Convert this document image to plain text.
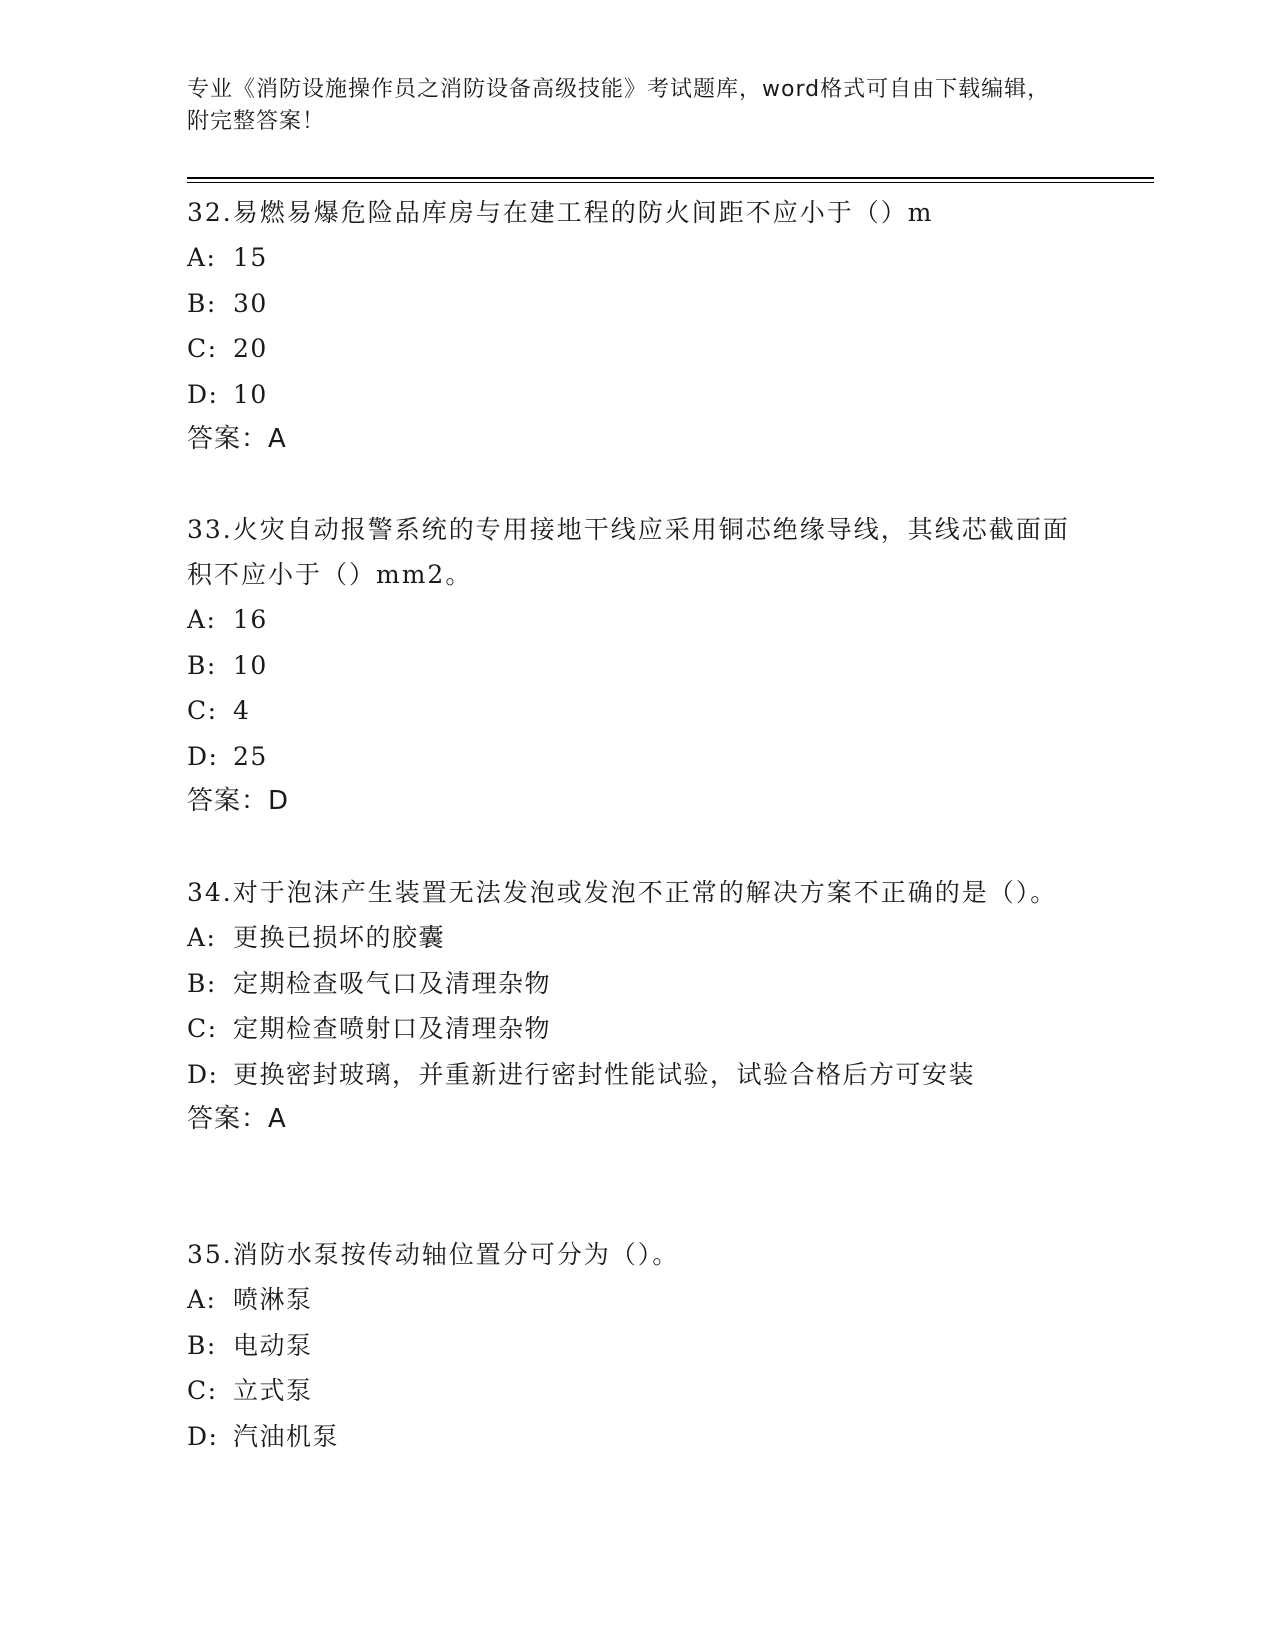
专业《消防设施操作员之消防设备高级技能》考试题库，word格式可自由下载编辑，附完整答案！
32.易燃易爆危险品库房与在建工程的防火间距不应小于（）m
A: 15
B: 30
C: 20
D: 10
答案：A
33.火灾自动报警系统的专用接地干线应采用铜芯绝缘导线，其线芯截面面积不应小于（）mm2。
A: 16
B: 10
C: 4
D: 25
答案：D
34.对于泡沫产生装置无法发泡或发泡不正常的解决方案不正确的是（）。
A: 更换已损坏的胶囊
B: 定期检查吸气口及清理杂物
C: 定期检查喷射口及清理杂物
D: 更换密封玻璃，并重新进行密封性能试验，试验合格后方可安装
答案：A
35.消防水泵按传动轴位置分可分为（）。
A: 喷淋泵
B: 电动泵
C: 立式泵
D: 汽油机泵
